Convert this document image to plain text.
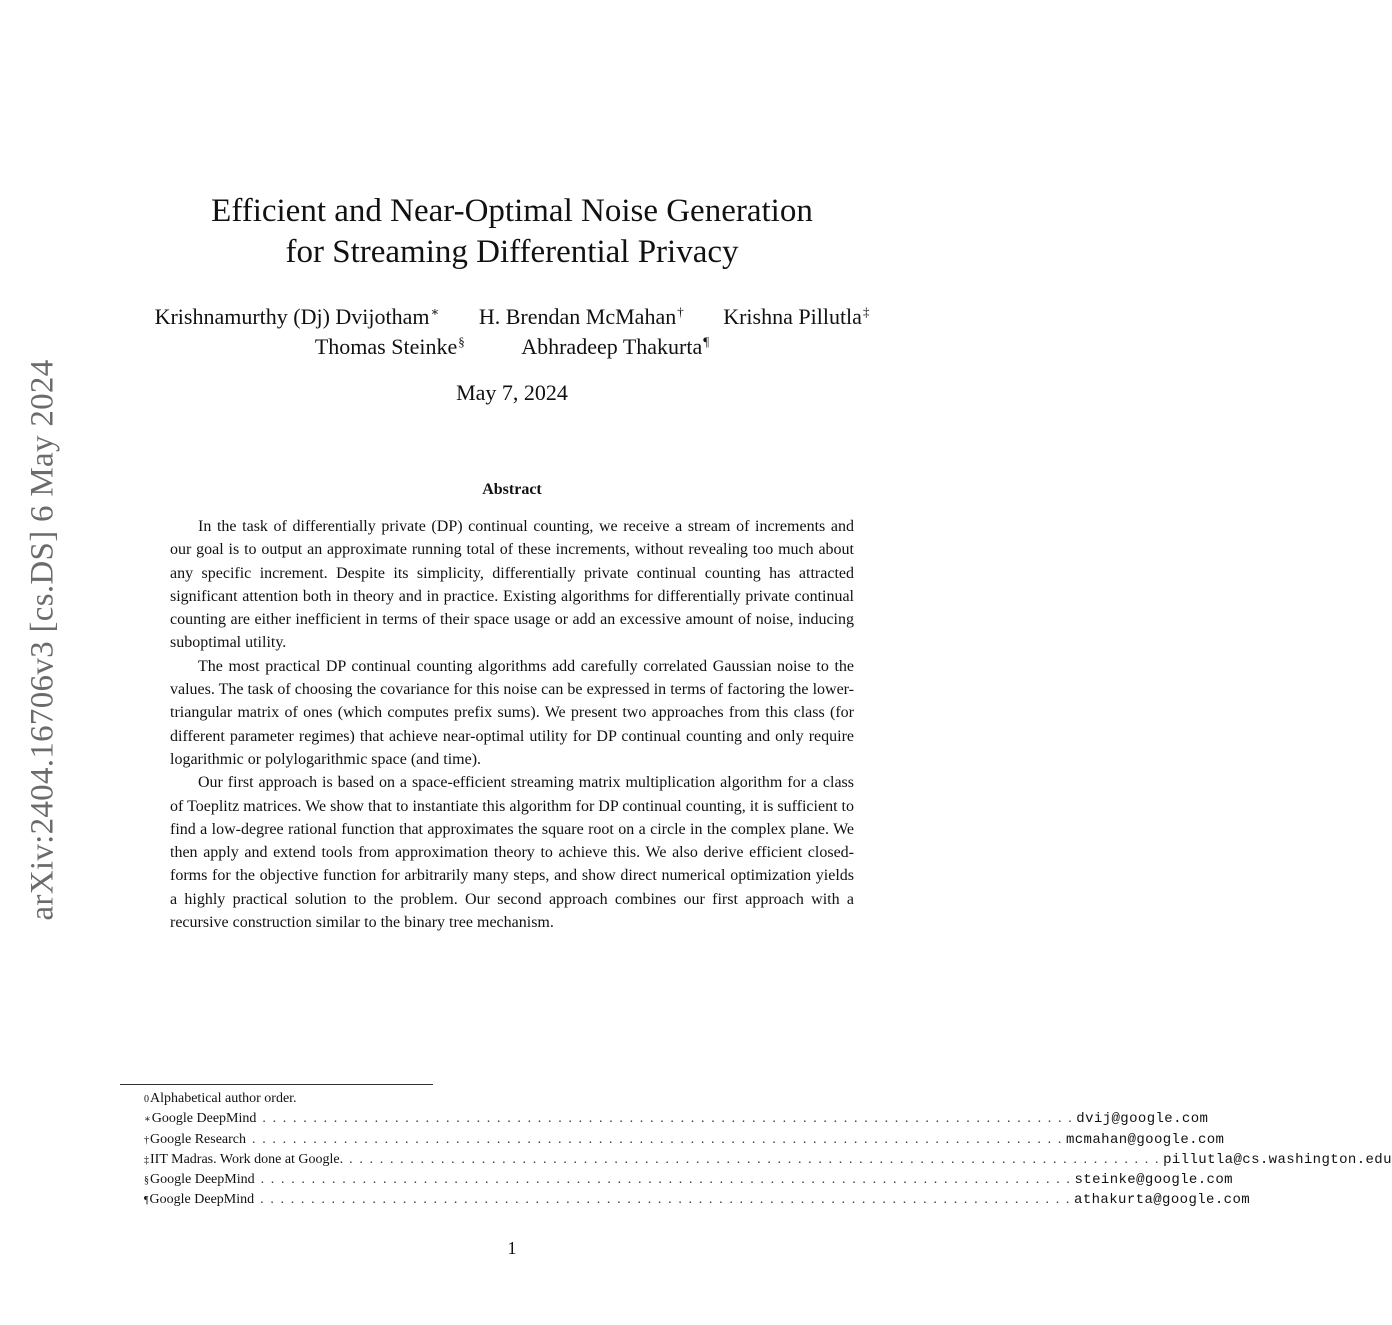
arXiv:2404.16706v3 [cs.DS] 6 May 2024
Efficient and Near-Optimal Noise Generation
for Streaming Differential Privacy
Krishnamurthy (Dj) Dvijotham∗ H. Brendan McMahan† Krishna Pillutla‡
Thomas Steinke§	Abhradeep Thakurta¶
May 7, 2024
Abstract

In the task of differentially private (DP) continual counting, we receive a stream of increments and our goal is to output an approximate running total of these increments, without revealing too much about any specific increment. Despite its simplicity, differentially private continual counting has attracted significant attention both in theory and in practice. Existing algorithms for differentially private continual counting are either inefficient in terms of their space usage or add an excessive amount of noise, inducing suboptimal utility.

The most practical DP continual counting algorithms add carefully correlated Gaussian noise to the values. The task of choosing the covariance for this noise can be expressed in terms of factoring the lower-triangular matrix of ones (which computes prefix sums). We present two approaches from this class (for different parameter regimes) that achieve near-optimal utility for DP continual counting and only require logarithmic or polylogarithmic space (and time).

Our first approach is based on a space-efficient streaming matrix multiplication algorithm for a class of Toeplitz matrices. We show that to instantiate this algorithm for DP continual counting, it is sufficient to find a low-degree rational function that approximates the square root on a circle in the complex plane. We then apply and extend tools from approximation theory to achieve this. We also derive efficient closed-forms for the objective function for arbitrarily many steps, and show direct numerical optimization yields a highly practical solution to the problem. Our second approach combines our first approach with a recursive construction similar to the binary tree mechanism.

0 Alphabetical author order.
∗ Google DeepMind . . . . . . . . . . . . . . . . . . . . . . . . . . . . . . . . . . . . . . . . . . . . . . . . . . . . . . . . . . . . . . . . . . . . . . . . . . . . . . . . dvij@google.com
† Google Research . . . . . . . . . . . . . . . . . . . . . . . . . . . . . . . . . . . . . . . . . . . . . . . . . . . . . . . . . . . . . . . . . . . . . . . . . . . . . . . . mcmahan@google.com
‡ IIT Madras. Work done at Google. . . . . . . . . . . . . . . . . . . . . . . . . . . . . . . . . . . . . . . . . . . . . . . . . . . . . . . . . . . . . . . . . . . . . . . . . . . . . . . . . pillutla@cs.washington.edu
§ Google DeepMind . . . . . . . . . . . . . . . . . . . . . . . . . . . . . . . . . . . . . . . . . . . . . . . . . . . . . . . . . . . . . . . . . . . . . . . . . . . . . . . . steinke@google.com
¶ Google DeepMind . . . . . . . . . . . . . . . . . . . . . . . . . . . . . . . . . . . . . . . . . . . . . . . . . . . . . . . . . . . . . . . . . . . . . . . . . . . . . . . . athakurta@google.com
1
